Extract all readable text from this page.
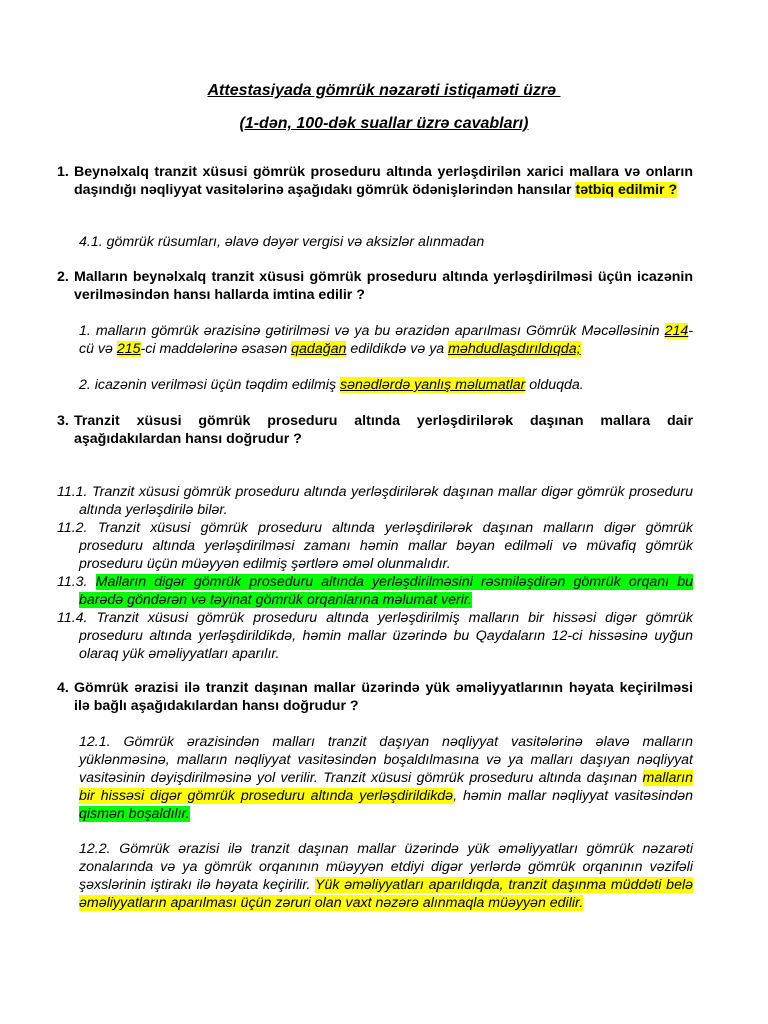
Attestasiyada gömrük nəzarəti istiqaməti üzrə
(1-dən, 100-dək suallar üzrə cavabları)
1. Beynəlxalq tranzit xüsusi gömrük proseduru altında yerləşdirilən xarici mallara və onların daşındığı nəqliyyat vasitələrinə aşağıdakı gömrük ödənişlərindən hansılar tətbiq edilmir ?
4.1. gömrük rüsumları, əlavə dəyər vergisi və aksizlər alınmadan
2. Malların beynəlxalq tranzit xüsusi gömrük proseduru altında yerləşdirilməsi üçün icazənin verilməsindən hansı hallarda imtina edilir ?
1. malların gömrük ərazisinə gətirilməsi və ya bu ərazidən aparılması Gömrük Məcəlləsinin 214-cü və 215-ci maddələrinə əsasən qadağan edildikdə və ya məhdudlaşdırıldıqda;
2. icazənin verilməsi üçün təqdim edilmiş sənədlərdə yanlış məlumatlar olduqda.
3. Tranzit xüsusi gömrük proseduru altında yerləşdirilərək daşınan mallara dair aşağıdakılardan hansı doğrudur ?
11.1. Tranzit xüsusi gömrük proseduru altında yerləşdirilərək daşınan mallar digər gömrük proseduru altında yerləşdirilə bilər.
11.2. Tranzit xüsusi gömrük proseduru altında yerləşdirilərək daşınan malların digər gömrük proseduru altında yerləşdirilməsi zamanı həmin mallar bəyan edilməli və müvafiq gömrük proseduru üçün müəyyən edilmiş şərtlərə əməl olunmalıdır.
11.3. Malların digər gömrük proseduru altında yerləşdirilməsini rəsmiləşdirən gömrük orqanı bu barədə göndərən və təyinat gömrük orqanlarına məlumat verir.
11.4. Tranzit xüsusi gömrük proseduru altında yerləşdirilmiş malların bir hissəsi digər gömrük proseduru altında yerləşdirildikdə, həmin mallar üzərində bu Qaydaların 12-ci hissəsinə uyğun olaraq yük əməliyyatları aparılır.
4. Gömrük ərazisi ilə tranzit daşınan mallar üzərində yük əməliyyatlarının həyata keçirilməsi ilə bağlı aşağıdakılardan hansı doğrudur ?
12.1. Gömrük ərazisindən malları tranzit daşıyan nəqliyyat vasitələrinə əlavə malların yüklənməsinə, malların nəqliyyat vasitəsindən boşaldılmasına və ya malları daşıyan nəqliyyat vasitəsinin dəyişdirilməsinə yol verilir. Tranzit xüsusi gömrük proseduru altında daşınan malların bir hissəsi digər gömrük proseduru altında yerləşdirildikdə, həmin mallar nəqliyyat vasitəsindən qismən boşaldılır.
12.2. Gömrük ərazisi ilə tranzit daşınan mallar üzərində yük əməliyyatları gömrük nəzarəti zonalarında və ya gömrük orqanının müəyyən etdiyi digər yerlərdə gömrük orqanının vəzifəli şəxslərinin iştirakı ilə həyata keçirilir. Yük əməliyyatları aparıldıqda, tranzit daşınma müddəti belə əməliyyatların aparılması üçün zəruri olan vaxt nəzərə alınmaqla müəyyən edilir.
